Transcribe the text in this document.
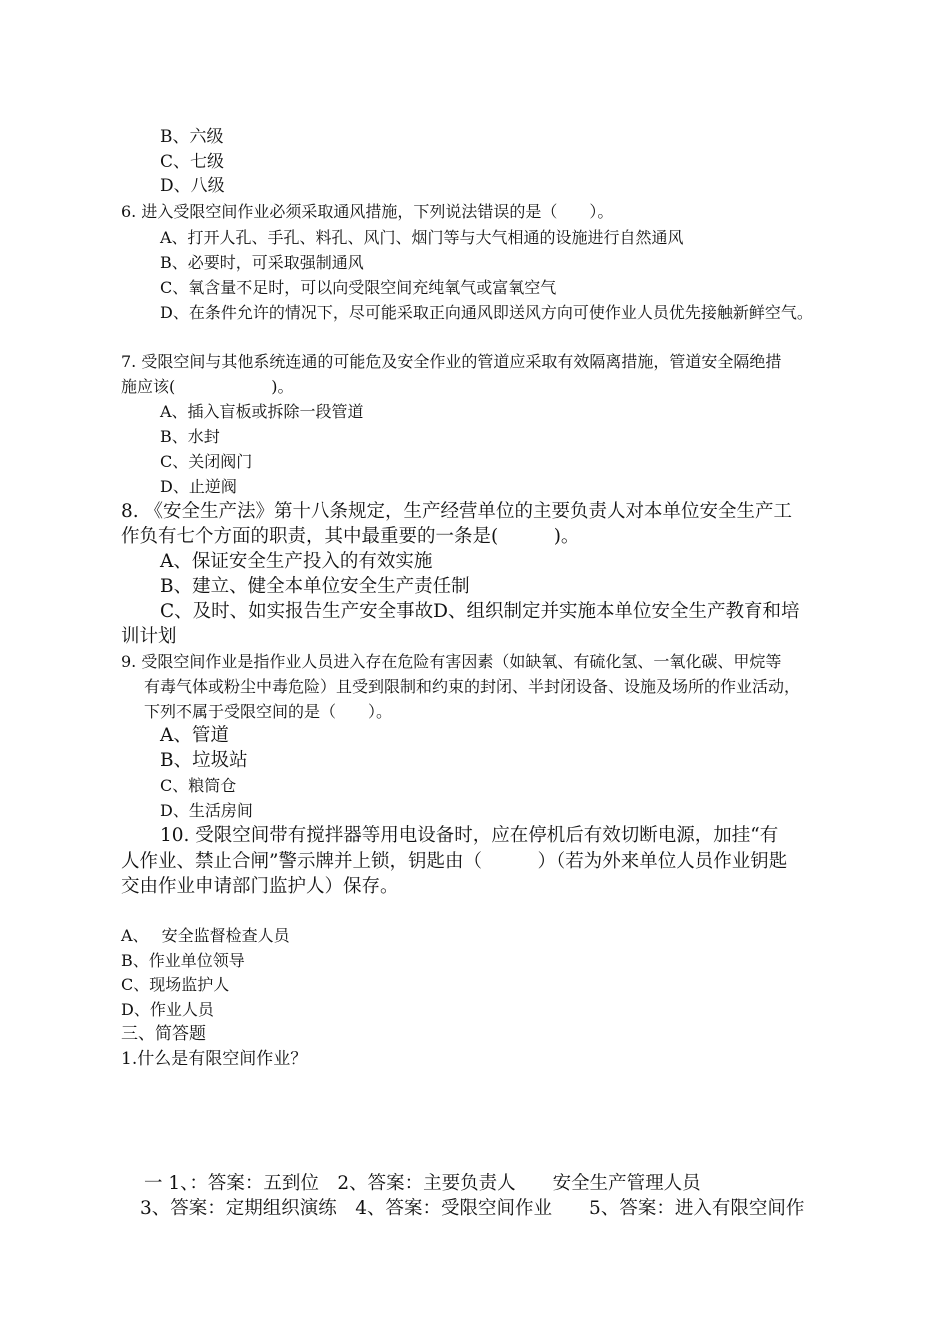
B、六级
C、七级
D、八级
6. 进入受限空间作业必须采取通风措施，下列说法错误的是（　　）。
A、打开人孔、手孔、料孔、风门、烟门等与大气相通的设施进行自然通风
B、必要时，可采取强制通风
C、氧含量不足时，可以向受限空间充纯氧气或富氧空气
D、在条件允许的情况下，尽可能采取正向通风即送风方向可使作业人员优先接触新鲜空气。
7. 受限空间与其他系统连通的可能危及安全作业的管道应采取有效隔离措施，管道安全隔绝措
施应该(　　　　　　)。
A、插入盲板或拆除一段管道
B、水封
C、关闭阀门
D、止逆阀
8. 《安全生产法》第十八条规定，生产经营单位的主要负责人对本单位安全生产工
作负有七个方面的职责，其中最重要的一条是(　　　)。
A、保证安全生产投入的有效实施
B、建立、健全本单位安全生产责任制
C、及时、如实报告生产安全事故D、组织制定并实施本单位安全生产教育和培
训计划
9. 受限空间作业是指作业人员进入存在危险有害因素（如缺氧、有硫化氢、一氧化碳、甲烷等
有毒气体或粉尘中毒危险）且受到限制和约束的封闭、半封闭设备、设施及场所的作业活动，
下列不属于受限空间的是（　　）。
A、管道
B、垃圾站
C、粮筒仓
D、生活房间
10. 受限空间带有搅拌器等用电设备时，应在停机后有效切断电源，加挂“有
人作业、禁止合闸”警示牌并上锁，钥匙由（　　　）（若为外来单位人员作业钥匙
交由作业申请部门监护人）保存。
A、　 安全监督检查人员
B、作业单位领导
C、现场监护人
D、作业人员
三、简答题
1.什么是有限空间作业？
一 1、：答案：五到位　2、答案：主要负责人　　安全生产管理人员
3、答案：定期组织演练　4、答案：受限空间作业　　5、答案：进入有限空间作
